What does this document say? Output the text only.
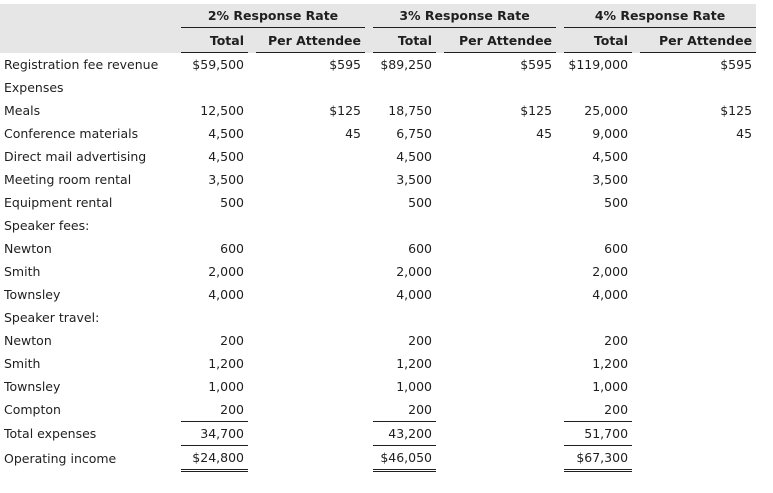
	2% Response Rate				3% Response Rate				4% Response Rate		
	Total		Per Attendee		Total		Per Attendee		Total		Per Attendee
Registration fee revenue	$59,500		$595		$89,250		$595		$119,000		$595
Expenses											
Meals	12,500		$125		18,750		$125		25,000		$125
Conference materials	4,500		45		6,750		45		9,000		45
Direct mail advertising	4,500				4,500				4,500		
Meeting room rental	3,500				3,500				3,500		
Equipment rental	500				500				500		
Speaker fees:											
Newton	600				600				600		
Smith	2,000				2,000				2,000		
Townsley	4,000				4,000				4,000		
Speaker travel:											
Newton	200				200				200		
Smith	1,200				1,200				1,200		
Townsley	1,000				1,000				1,000		
Compton	200				200				200		
Total expenses	34,700				43,200				51,700		
Operating income	$24,800				$46,050				$67,300		
